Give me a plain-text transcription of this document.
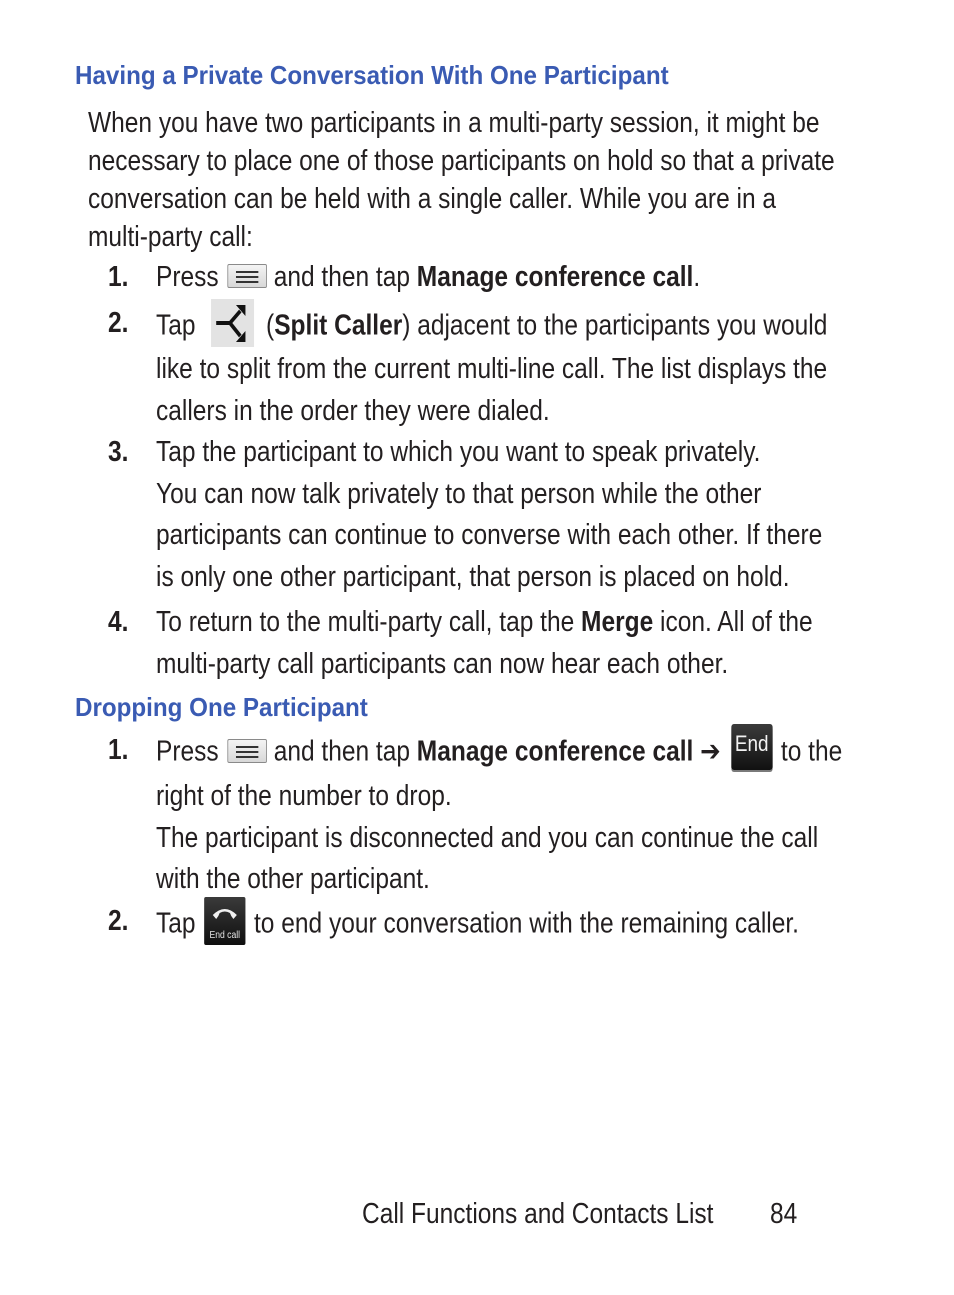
Having a Private Conversation With One Participant
When you have two participants in a multi-party session, it might be
necessary to place one of those participants on hold so that a private
conversation can be held with a single caller. While you are in a
multi-party call:
1. Press and then tap Manage conference call.
2. Tap (Split Caller) adjacent to the participants you would
like to split from the current multi-line call. The list displays the
callers in the order they were dialed.
3. Tap the participant to which you want to speak privately.
You can now talk privately to that person while the other
participants can continue to converse with each other. If there
is only one other participant, that person is placed on hold.
4. To return to the multi-party call, tap the Merge icon. All of the
multi-party call participants can now hear each other.
Dropping One Participant
1. Press and then tap Manage conference call ➔ End to the
right of the number to drop.
The participant is disconnected and you can continue the call
with the other participant.
2. Tap	End call to end your conversation with the remaining caller.
Call Functions and Contacts List	84
